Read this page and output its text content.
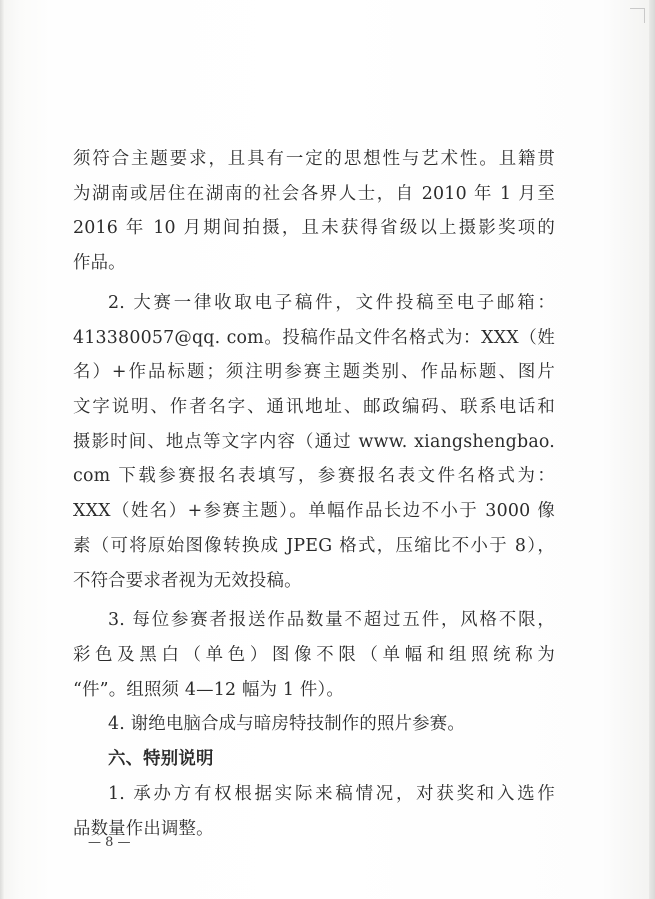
须符合主题要求，且具有一定的思想性与艺术性。且籍贯
为湖南或居住在湖南的社会各界人士，自 2010 年 1 月至
2016 年 10 月期间拍摄，且未获得省级以上摄影奖项的
作品。
2. 大赛一律收取电子稿件，文件投稿至电子邮箱：
413380057@qq. com。投稿作品文件名格式为：XXX（姓
名）+作品标题；须注明参赛主题类别、作品标题、图片
文字说明、作者名字、通讯地址、邮政编码、联系电话和
摄影时间、地点等文字内容（通过 www. xiangshengbao.
com 下载参赛报名表填写，参赛报名表文件名格式为：
XXX（姓名）+参赛主题）。单幅作品长边不小于 3000 像
素（可将原始图像转换成 JPEG 格式，压缩比不小于 8），
不符合要求者视为无效投稿。
3. 每位参赛者报送作品数量不超过五件，风格不限，
彩色及黑白（单色）图像不限（单幅和组照统称为
“件”。组照须 4—12 幅为 1 件）。
4. 谢绝电脑合成与暗房特技制作的照片参赛。
六、特别说明
1. 承办方有权根据实际来稿情况，对获奖和入选作
品数量作出调整。
— 8 —
